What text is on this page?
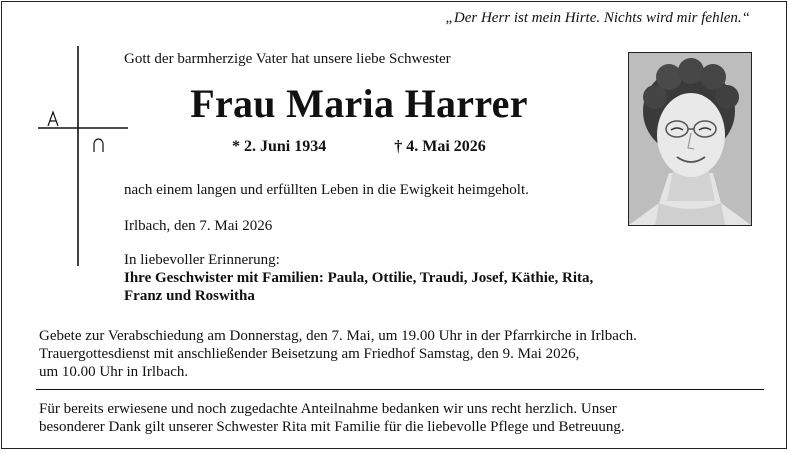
„Der Herr ist mein Hirte. Nichts wird mir fehlen.“
Gott der barmherzige Vater hat unsere liebe Schwester
Frau Maria Harrer
* 2. Juni 1934	† 4. Mai 2026
nach einem langen und erfüllten Leben in die Ewigkeit heimgeholt.
Irlbach, den 7. Mai 2026
In liebevoller Erinnerung:
Ihre Geschwister mit Familien: Paula, Ottilie, Traudi, Josef, Käthie, Rita,
Franz und Roswitha
Gebete zur Verabschiedung am Donnerstag, den 7. Mai, um 19.00 Uhr in der Pfarrkirche in Irlbach.
Trauergottesdienst mit anschließender Beisetzung am Friedhof Samstag, den 9. Mai 2026,
um 10.00 Uhr in Irlbach.
Für bereits erwiesene und noch zugedachte Anteilnahme bedanken wir uns recht herzlich. Unser
besonderer Dank gilt unserer Schwester Rita mit Familie für die liebevolle Pflege und Betreuung.
